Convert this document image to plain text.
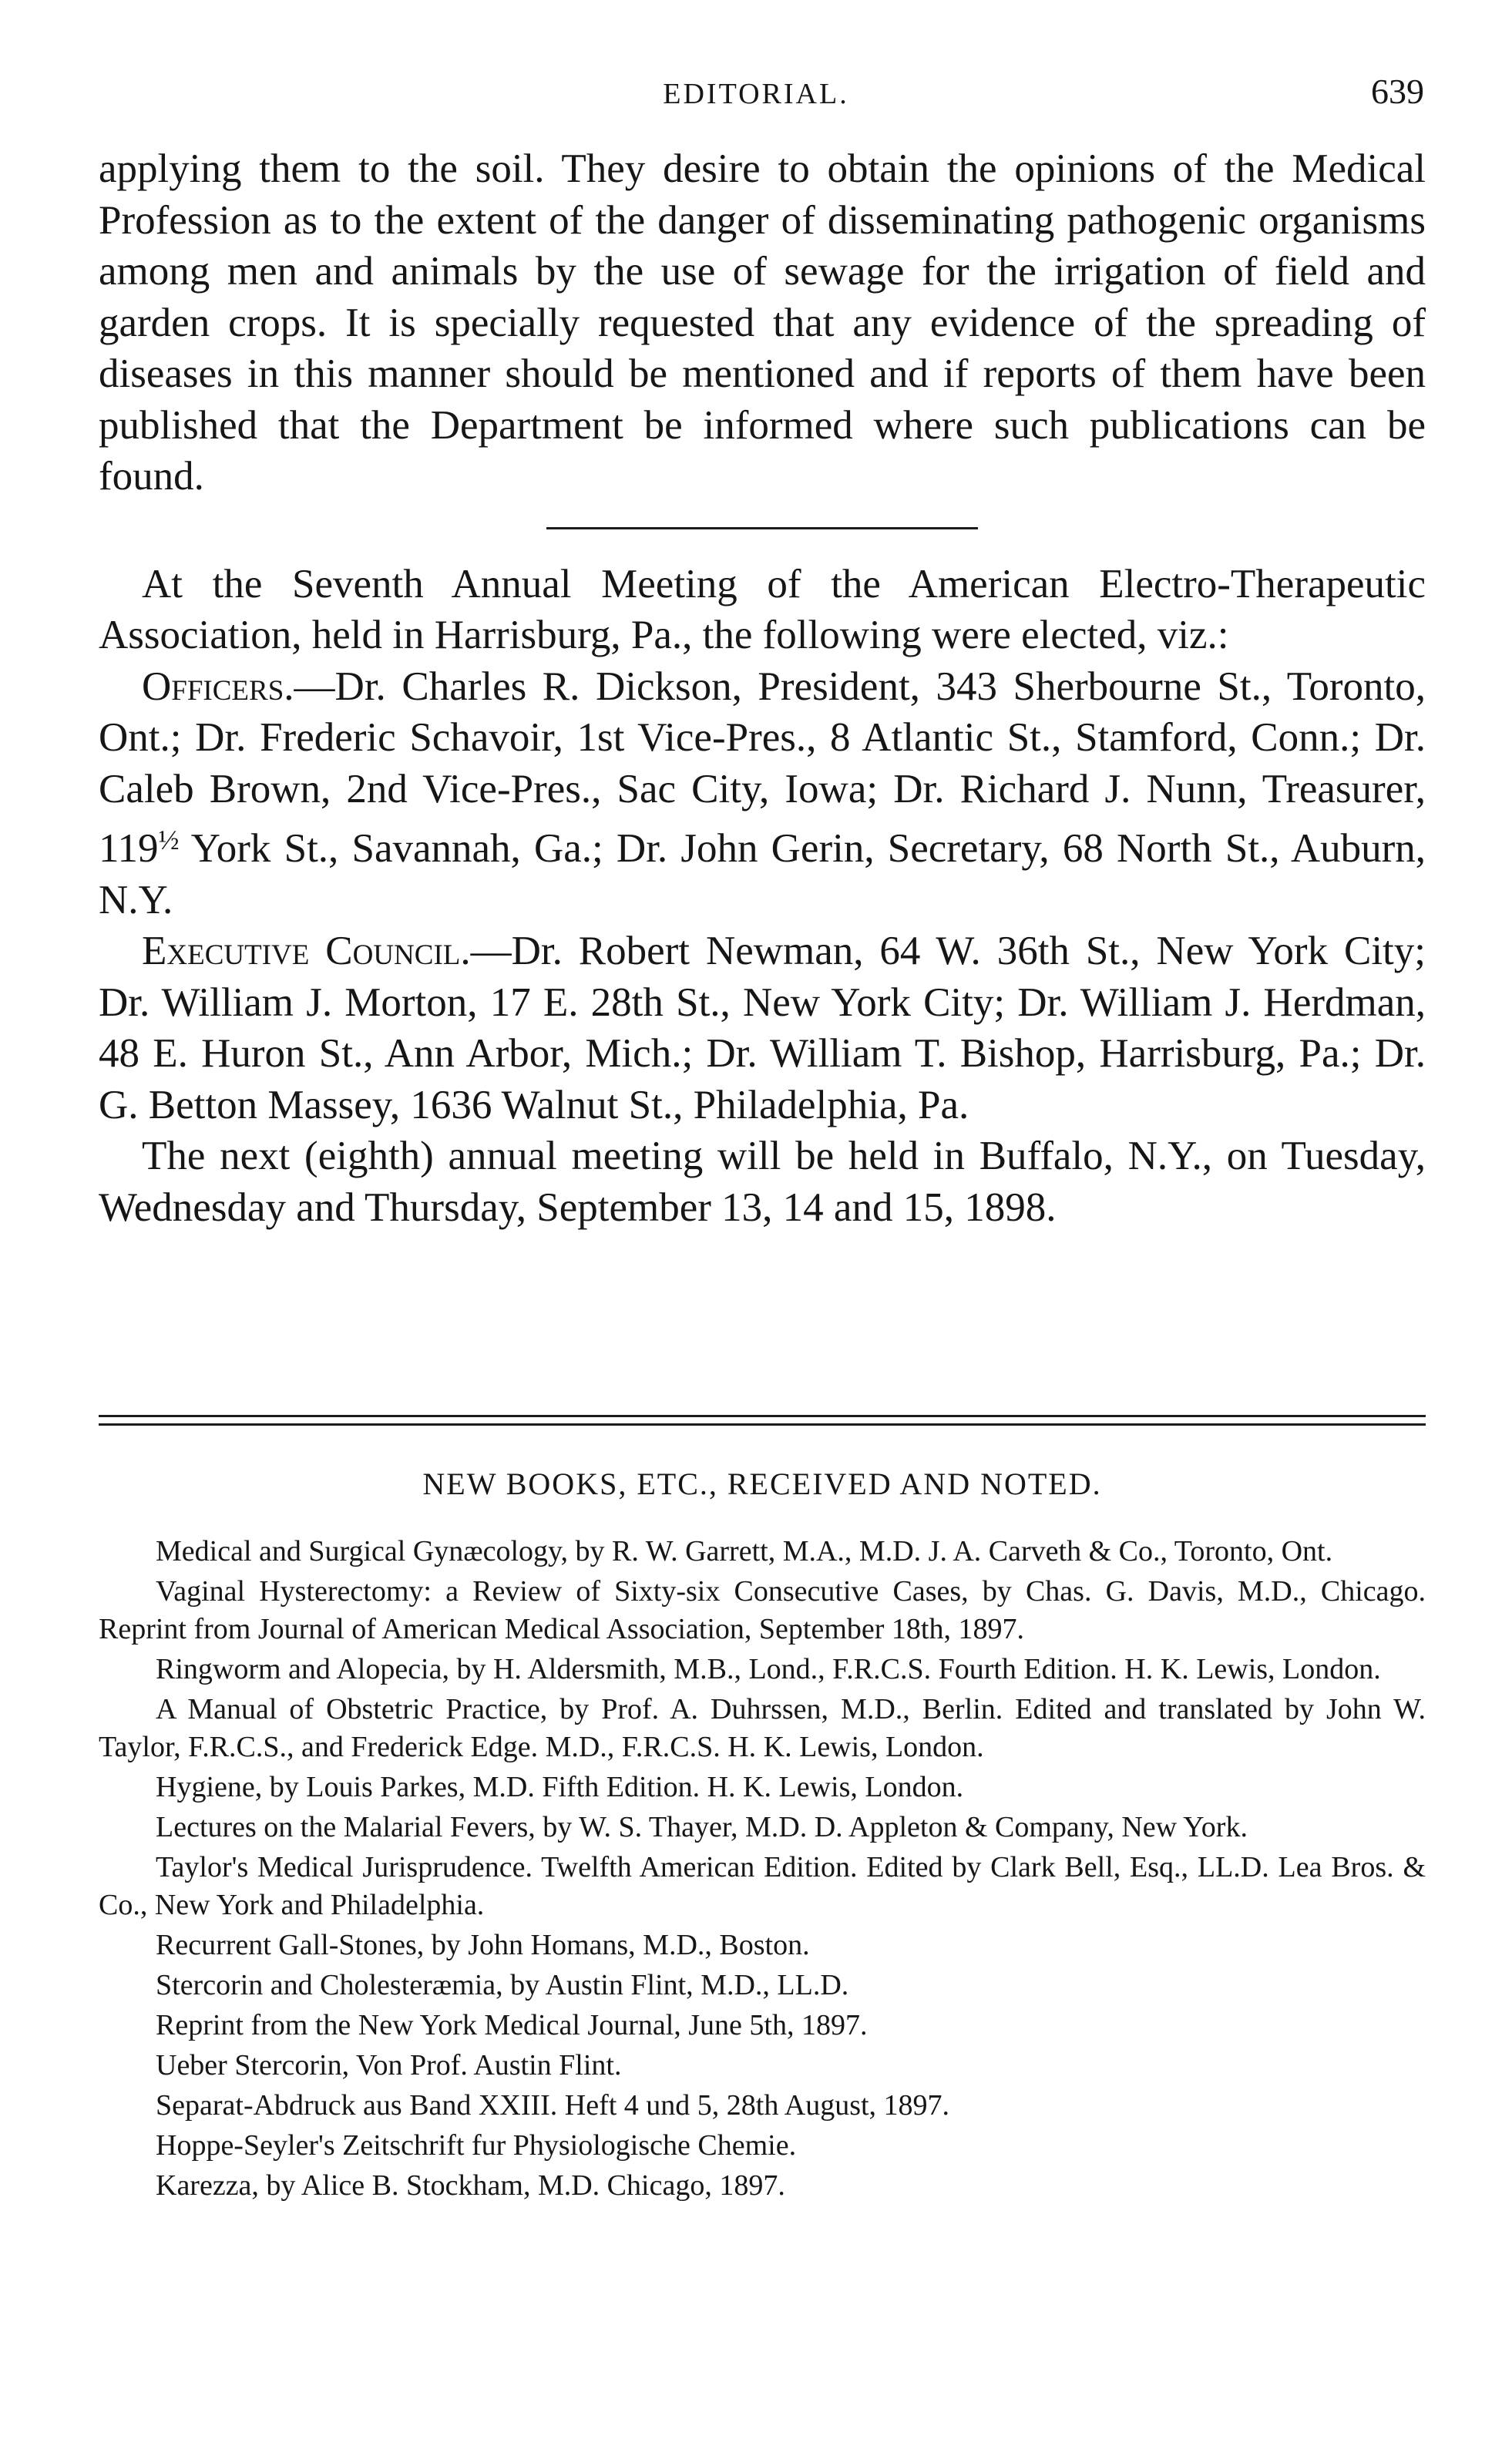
EDITORIAL.	639

applying them to the soil. They desire to obtain the opinions of the Medical Profession as to the extent of the danger of disseminating pathogenic organisms among men and animals by the use of sewage for the irrigation of field and garden crops. It is specially requested that any evidence of the spreading of diseases in this manner should be mentioned and if reports of them have been published that the Department be informed where such publications can be found.

At the Seventh Annual Meeting of the American Electro-Therapeutic Association, held in Harrisburg, Pa., the following were elected, viz.:

Officers.—Dr. Charles R. Dickson, President, 343 Sherbourne St., Toronto, Ont.; Dr. Frederic Schavoir, 1st Vice-Pres., 8 Atlantic St., Stamford, Conn.; Dr. Caleb Brown, 2nd Vice-Pres., Sac City, Iowa; Dr. Richard J. Nunn, Treasurer, $119^{\frac{1}{2}}$ York St., Savannah, Ga.; Dr. John Gerin, Secretary, 68 North St., Auburn, N.Y.

Executive Council.—Dr. Robert Newman, 64 W. 36th St., New York City; Dr. William J. Morton, 17 E. 28th St., New York City; Dr. William J. Herdman, 48 E. Huron St., Ann Arbor, Mich.; Dr. William T. Bishop, Harrisburg, Pa.; Dr. G. Betton Massey, 1636 Walnut St., Philadelphia, Pa.

The next (eighth) annual meeting will be held in Buffalo, N.Y., on Tuesday, Wednesday and Thursday, September 13, 14 and 15, 1898.

NEW BOOKS, ETC., RECEIVED AND NOTED.

Medical and Surgical Gynæcology, by R. W. Garrett, M.A., M.D. J. A. Carveth & Co., Toronto, Ont.

Vaginal Hysterectomy: a Review of Sixty-six Consecutive Cases, by Chas. G. Davis, M.D., Chicago. Reprint from Journal of American Medical Association, September 18th, 1897.

Ringworm and Alopecia, by H. Aldersmith, M.B., Lond., F.R.C.S. Fourth Edition. H. K. Lewis, London.

A Manual of Obstetric Practice, by Prof. A. Duhrssen, M.D., Berlin. Edited and translated by John W. Taylor, F.R.C.S., and Frederick Edge. M.D., F.R.C.S. H. K. Lewis, London.

Hygiene, by Louis Parkes, M.D. Fifth Edition. H. K. Lewis, London.

Lectures on the Malarial Fevers, by W. S. Thayer, M.D. D. Appleton & Company, New York.

Taylor's Medical Jurisprudence. Twelfth American Edition. Edited by Clark Bell, Esq., LL.D. Lea Bros. & Co., New York and Philadelphia.

Recurrent Gall-Stones, by John Homans, M.D., Boston.

Stercorin and Cholesteræmia, by Austin Flint, M.D., LL.D.

Reprint from the New York Medical Journal, June 5th, 1897.

Ueber Stercorin, Von Prof. Austin Flint.

Separat-Abdruck aus Band XXIII. Heft 4 und 5, 28th August, 1897.

Hoppe-Seyler's Zeitschrift fur Physiologische Chemie.

Karezza, by Alice B. Stockham, M.D. Chicago, 1897.
